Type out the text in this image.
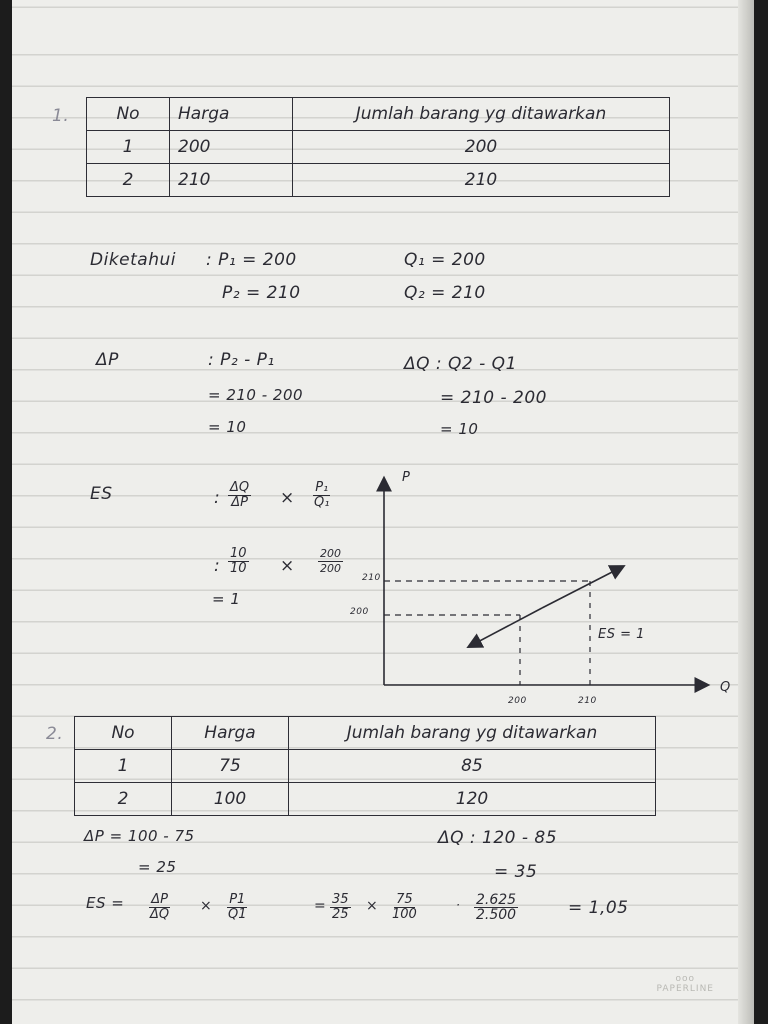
1.	No	Harga	Jumlah barang yg ditawarkan
1	200	200
2	210	210
Diketahui : P₁ = 200
P₂ = 210
Q₁ = 200
Q₂ = 210
ΔP	: P₂ - P₁
= 210 - 200
= 10
ΔQ : Q2 - Q1
= 210 - 200
= 10
ES	: $\frac{\Delta Q}{\Delta P} \times \frac{\text{P₁}}{\text{Q₁}}$
: $\frac{10}{10} \times \frac{200}{200}$
= 1
P
Q
210
200
200	210
ES = 1
2.	No	Harga	Jumlah barang yg ditawarkan
1	75	85
2	100	120
ΔP = 100 - 75
= 25
ΔQ : 120 - 85
= 35
ES = $\frac{\Delta P}{\Delta Q} \times \frac{P1}{Q1}$	= $\frac{35}{25} \times \frac{75}{100}$	· $\frac{2.625}{2.500}$	= 1,05
ooo
PAPERLINE
